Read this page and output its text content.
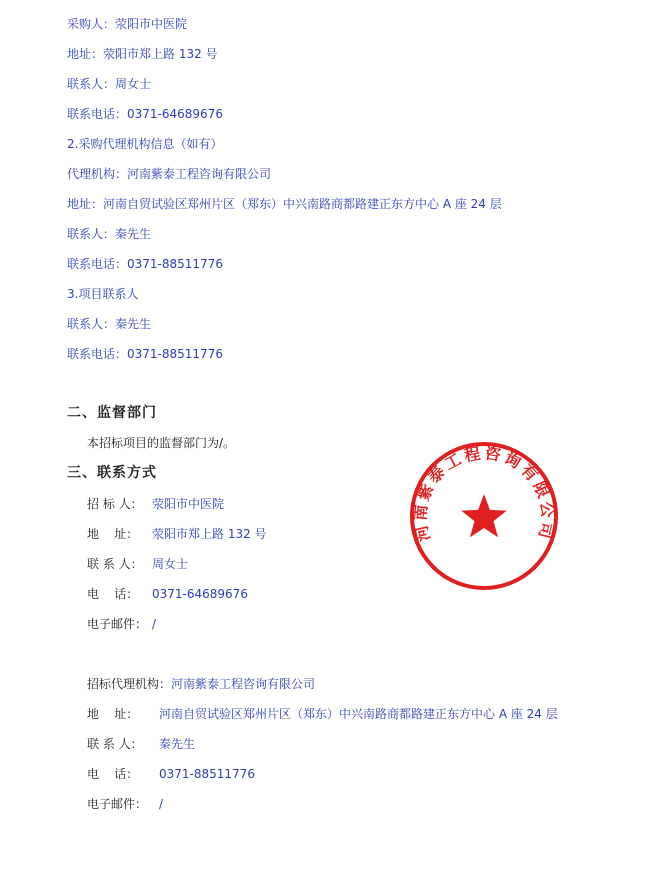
采购人：荥阳市中医院
地址：荥阳市郑上路 132 号
联系人：周女士
联系电话：0371-64689676
2.采购代理机构信息（如有）
代理机构：河南紫泰工程咨询有限公司
地址：河南自贸试验区郑州片区（郑东）中兴南路商都路建正东方中心 A 座 24 层
联系人：秦先生
联系电话：0371-88511776
3.项目联系人
联系人：秦先生
联系电话：0371-88511776
二、监督部门
本招标项目的监督部门为/。
三、联系方式
招 标 人： 荥阳市中医院
地    址： 荥阳市郑上路 132 号
联 系 人： 周女士
电    话： 0371-64689676
电子邮件： /
招标代理机构：河南紫泰工程咨询有限公司
地    址： 河南自贸试验区郑州片区（郑东）中兴南路商都路建正东方中心 A 座 24 层
联 系 人： 秦先生
电    话： 0371-88511776
电子邮件： /
河南紫泰工程咨询有限公司
